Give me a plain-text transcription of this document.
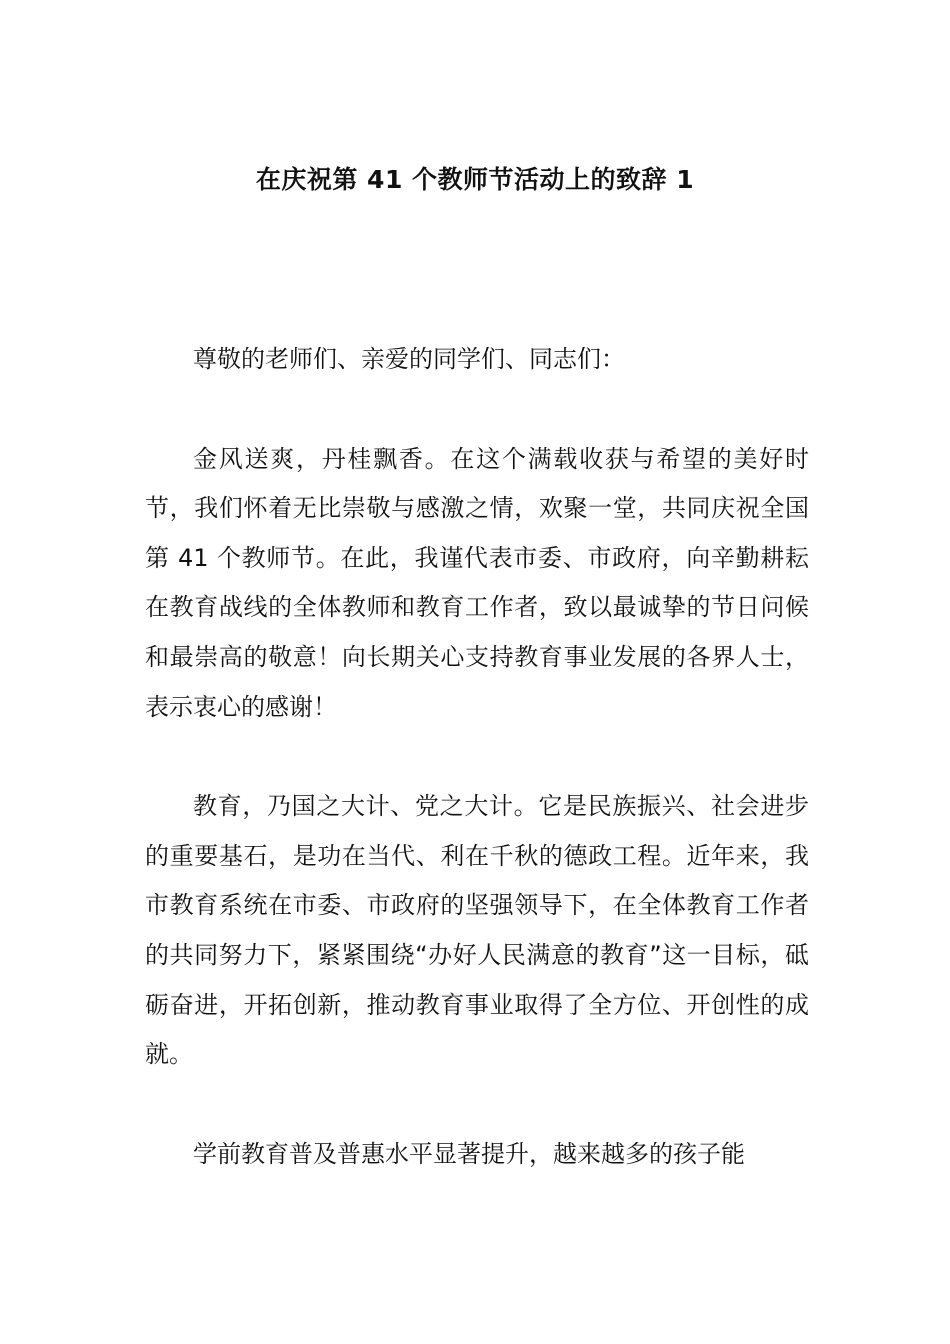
在庆祝第 41 个教师节活动上的致辞 1

尊敬的老师们、亲爱的同学们、同志们：

金风送爽，丹桂飘香。在这个满载收获与希望的美好时节，我们怀着无比崇敬与感激之情，欢聚一堂，共同庆祝全国第 41 个教师节。在此，我谨代表市委、市政府，向辛勤耕耘在教育战线的全体教师和教育工作者，致以最诚挚的节日问候和最崇高的敬意！向长期关心支持教育事业发展的各界人士，表示衷心的感谢！

教育，乃国之大计、党之大计。它是民族振兴、社会进步的重要基石，是功在当代、利在千秋的德政工程。近年来，我市教育系统在市委、市政府的坚强领导下，在全体教育工作者的共同努力下，紧紧围绕“办好人民满意的教育”这一目标，砥砺奋进，开拓创新，推动教育事业取得了全方位、开创性的成就。

学前教育普及普惠水平显著提升，越来越多的孩子能
